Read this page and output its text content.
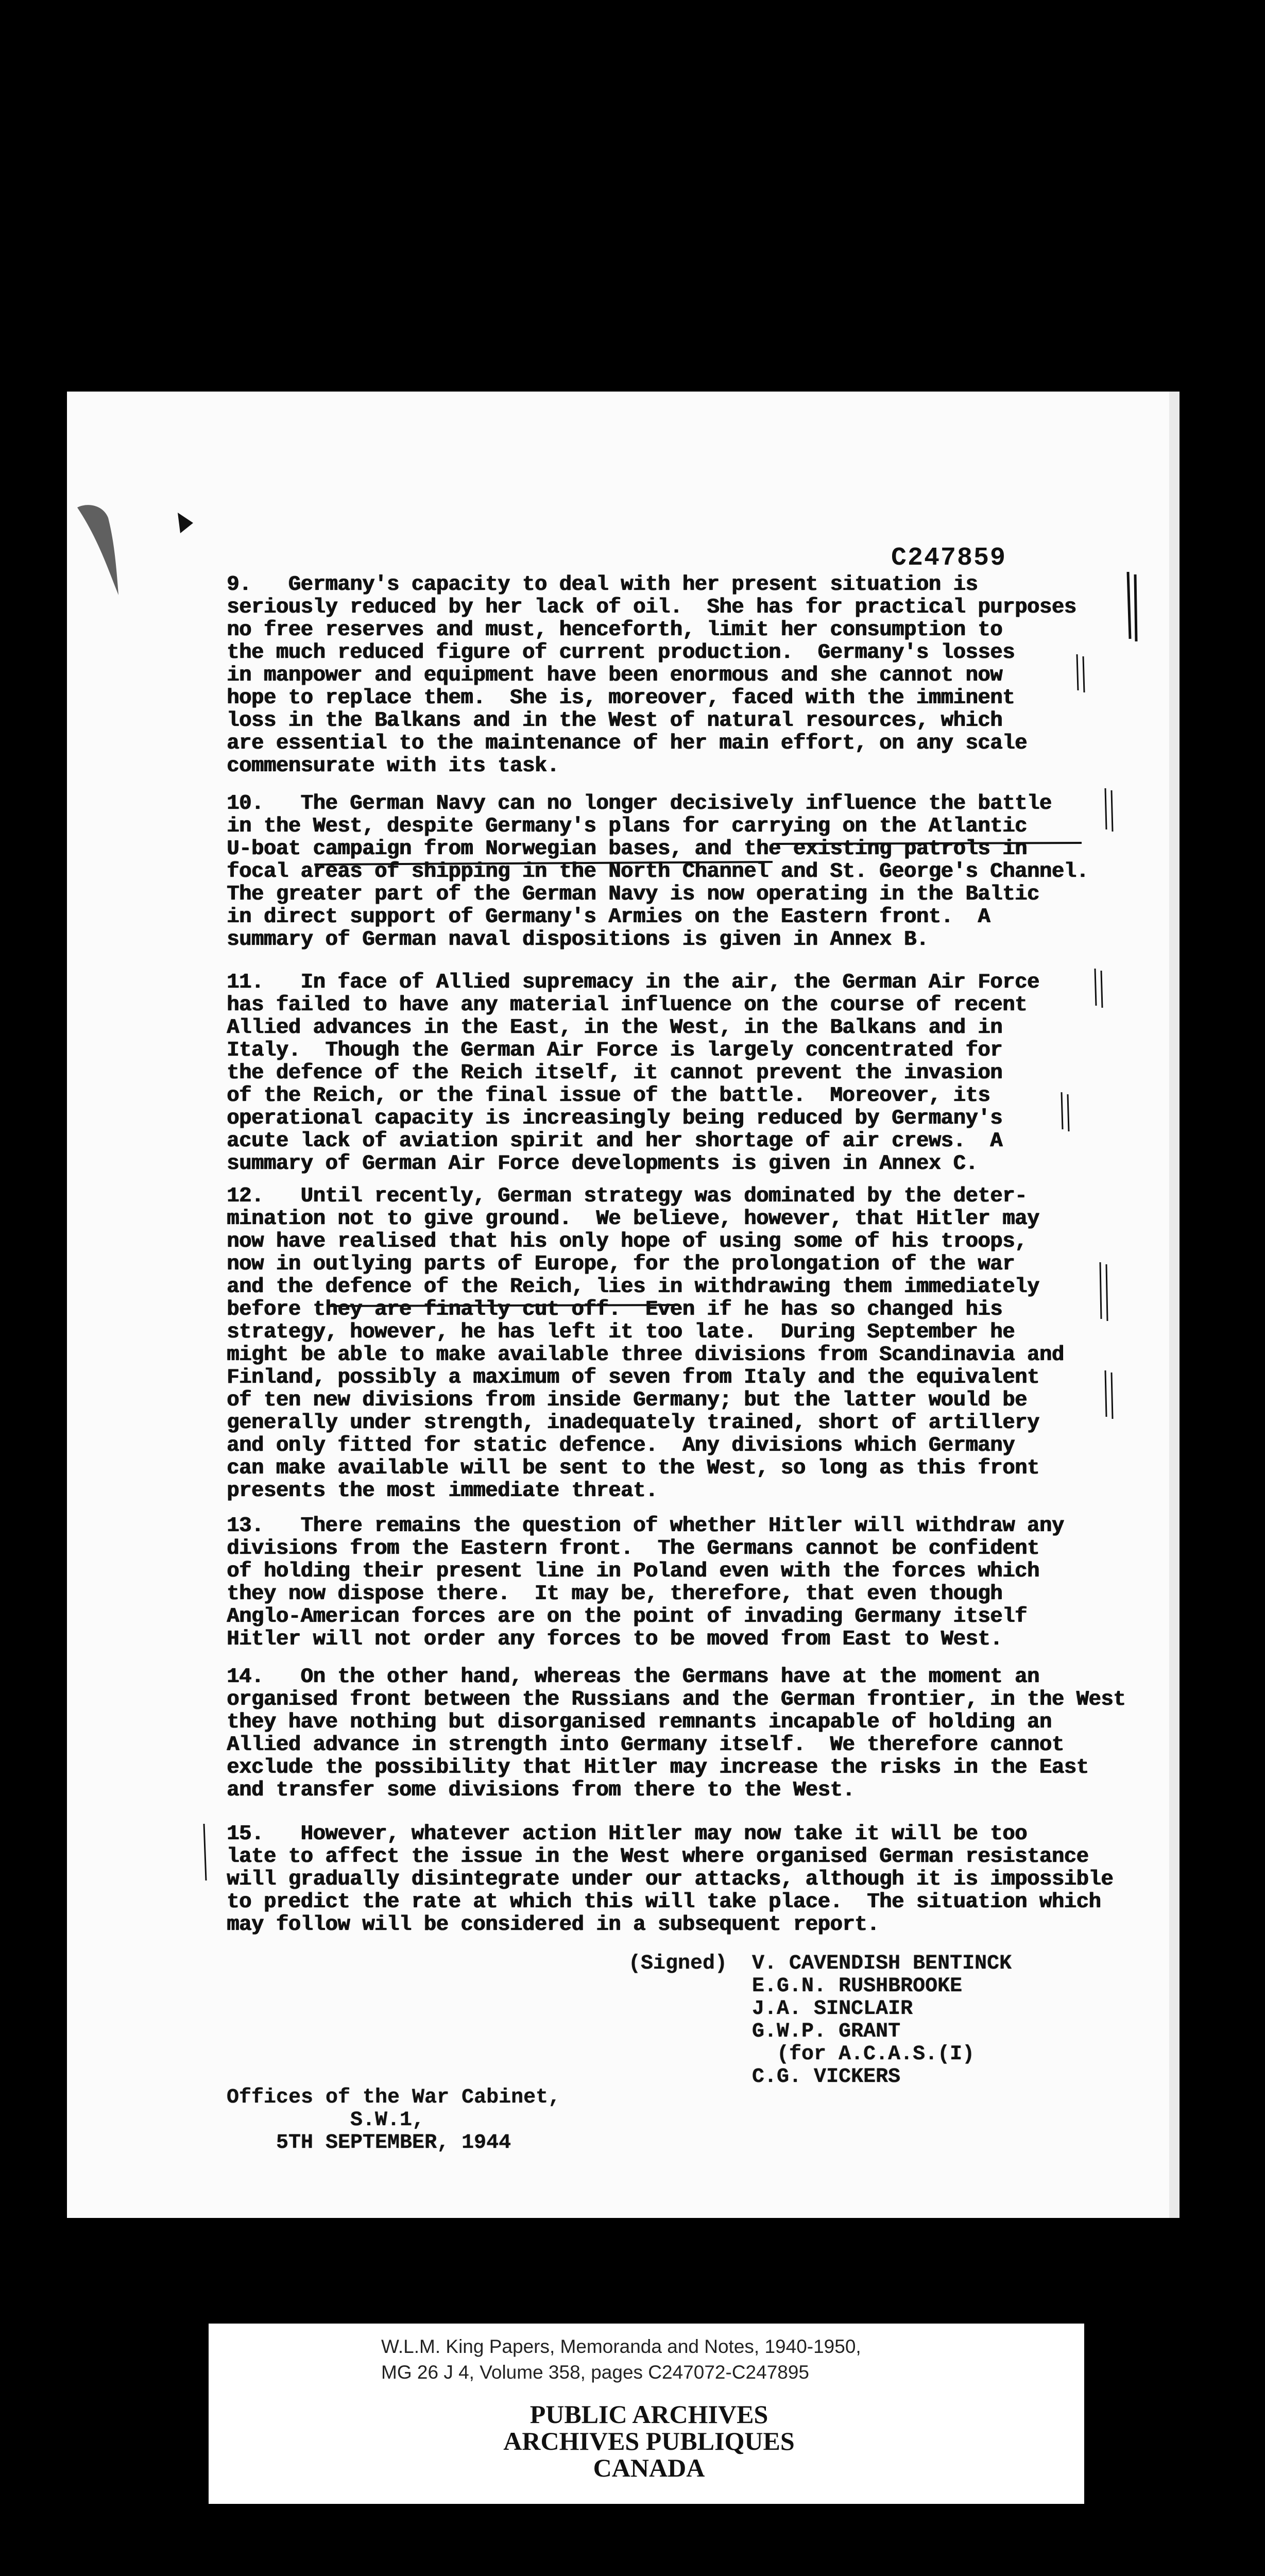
C247859
9.   Germany's capacity to deal with her present situation is
seriously reduced by her lack of oil.  She has for practical purposes
no free reserves and must, henceforth, limit her consumption to
the much reduced figure of current production.  Germany's losses
in manpower and equipment have been enormous and she cannot now
hope to replace them.  She is, moreover, faced with the imminent
loss in the Balkans and in the West of natural resources, which
are essential to the maintenance of her main effort, on any scale
commensurate with its task.
10.   The German Navy can no longer decisively influence the battle
in the West, despite Germany's plans for carrying on the Atlantic
U-boat campaign from Norwegian bases, and the existing patrols in
focal areas of shipping in the North Channel and St. George's Channel.
The greater part of the German Navy is now operating in the Baltic
in direct support of Germany's Armies on the Eastern front.  A
summary of German naval dispositions is given in Annex B.
11.   In face of Allied supremacy in the air, the German Air Force
has failed to have any material influence on the course of recent
Allied advances in the East, in the West, in the Balkans and in
Italy.  Though the German Air Force is largely concentrated for
the defence of the Reich itself, it cannot prevent the invasion
of the Reich, or the final issue of the battle.  Moreover, its
operational capacity is increasingly being reduced by Germany's
acute lack of aviation spirit and her shortage of air crews.  A
summary of German Air Force developments is given in Annex C.
12.   Until recently, German strategy was dominated by the deter-
mination not to give ground.  We believe, however, that Hitler may
now have realised that his only hope of using some of his troops,
now in outlying parts of Europe, for the prolongation of the war
and the defence of the Reich, lies in withdrawing them immediately
before they are finally cut off.  Even if he has so changed his
strategy, however, he has left it too late.  During September he
might be able to make available three divisions from Scandinavia and
Finland, possibly a maximum of seven from Italy and the equivalent
of ten new divisions from inside Germany; but the latter would be
generally under strength, inadequately trained, short of artillery
and only fitted for static defence.  Any divisions which Germany
can make available will be sent to the West, so long as this front
presents the most immediate threat.
13.   There remains the question of whether Hitler will withdraw any
divisions from the Eastern front.  The Germans cannot be confident
of holding their present line in Poland even with the forces which
they now dispose there.  It may be, therefore, that even though
Anglo-American forces are on the point of invading Germany itself
Hitler will not order any forces to be moved from East to West.
14.   On the other hand, whereas the Germans have at the moment an
organised front between the Russians and the German frontier, in the West
they have nothing but disorganised remnants incapable of holding an
Allied advance in strength into Germany itself.  We therefore cannot
exclude the possibility that Hitler may increase the risks in the East
and transfer some divisions from there to the West.
15.   However, whatever action Hitler may now take it will be too
late to affect the issue in the West where organised German resistance
will gradually disintegrate under our attacks, although it is impossible
to predict the rate at which this will take place.  The situation which
may follow will be considered in a subsequent report.
(Signed)  V. CAVENDISH BENTINCK
E.G.N. RUSHBROOKE
J.A. SINCLAIR
G.W.P. GRANT
(for A.C.A.S.(I)
C.G. VICKERS
Offices of the War Cabinet,
S.W.1,
5TH SEPTEMBER, 1944
W.L.M. King Papers, Memoranda and Notes, 1940-1950,
MG 26 J 4, Volume 358, pages C247072-C247895
PUBLIC ARCHIVES
ARCHIVES PUBLIQUES
CANADA
